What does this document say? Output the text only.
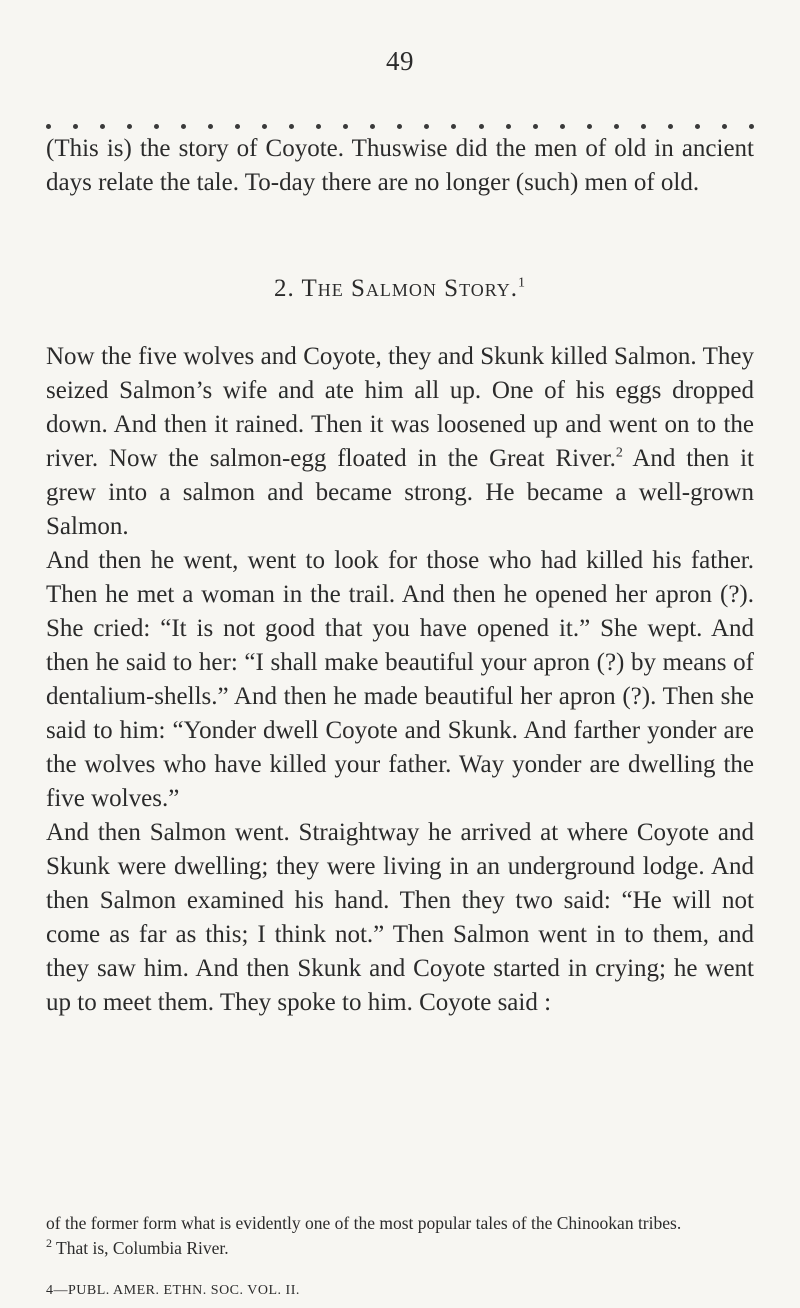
49

(This is) the story of Coyote. Thuswise did the men of old in ancient days relate the tale. To-day there are no longer (such) men of old.

2. The Salmon Story.$^1$

Now the five wolves and Coyote, they and Skunk killed Salmon. They seized Salmon’s wife and ate him all up. One of his eggs dropped down. And then it rained. Then it was loosened up and went on to the river. Now the salmon-egg floated in the Great River.$^2$ And then it grew into a salmon and became strong. He became a well-grown Salmon.

And then he went, went to look for those who had killed his father. Then he met a woman in the trail. And then he opened her apron (?). She cried: “It is not good that you have opened it.” She wept. And then he said to her: “I shall make beautiful your apron (?) by means of dentalium-shells.” And then he made beautiful her apron (?). Then she said to him: “Yonder dwell Coyote and Skunk. And farther yonder are the wolves who have killed your father. Way yonder are dwelling the five wolves.”

And then Salmon went. Straightway he arrived at where Coyote and Skunk were dwelling; they were living in an underground lodge. And then Salmon examined his hand. Then they two said: “He will not come as far as this; I think not.” Then Salmon went in to them, and they saw him. And then Skunk and Coyote started in crying; he went up to meet them. They spoke to him. Coyote said :

of the former form what is evidently one of the most popular tales of the Chinookan tribes.

$^2$ That is, Columbia River.

4—PUBL. AMER. ETHN. SOC. VOL. II.
